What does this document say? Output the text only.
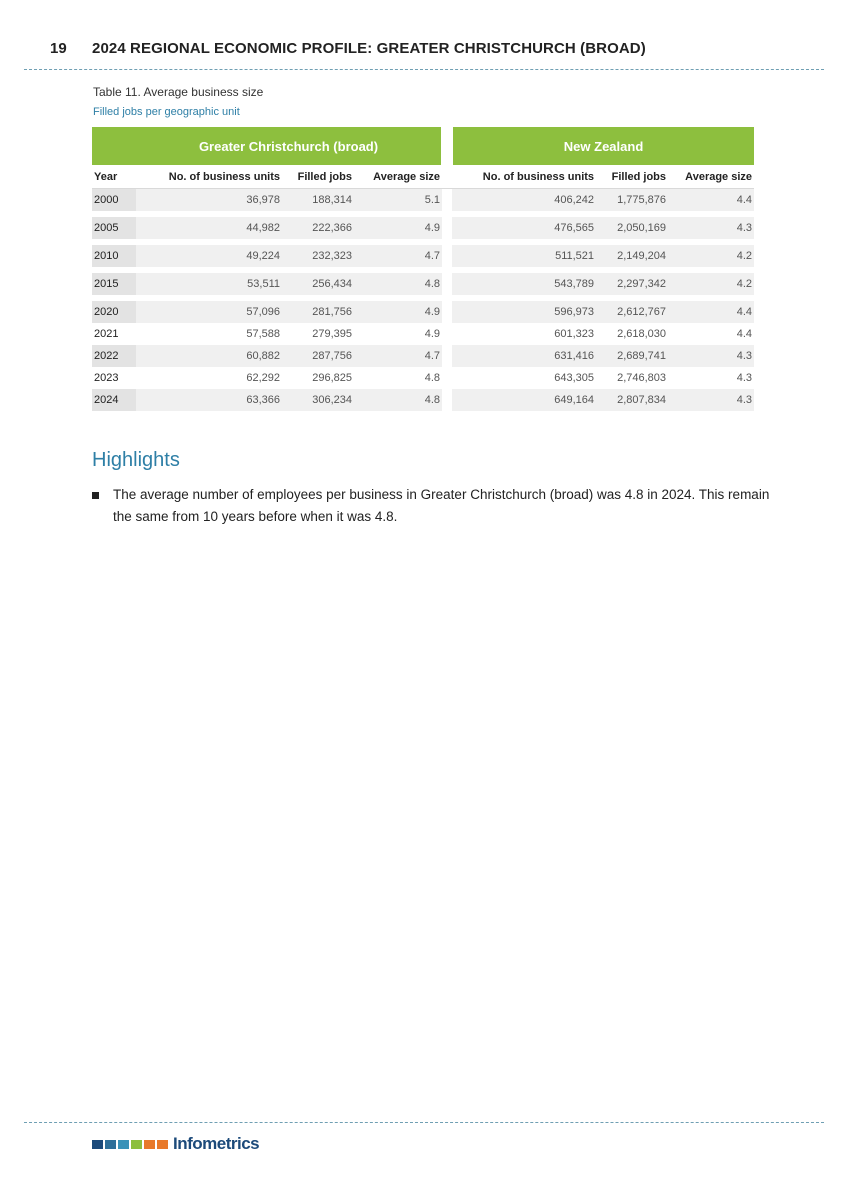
19 2024 REGIONAL ECONOMIC PROFILE: GREATER CHRISTCHURCH (BROAD)
Table 11. Average business size
Filled jobs per geographic unit
	Greater Christchurch (broad)				New Zealand		
Year	No. of business units	Filled jobs	Average size		No. of business units	Filled jobs	Average size
2000	36,978	188,314	5.1		406,242	1,775,876	4.4

2005	44,982	222,366	4.9		476,565	2,050,169	4.3

2010	49,224	232,323	4.7		511,521	2,149,204	4.2

2015	53,511	256,434	4.8		543,789	2,297,342	4.2

2020	57,096	281,756	4.9		596,973	2,612,767	4.4
2021	57,588	279,395	4.9		601,323	2,618,030	4.4
2022	60,882	287,756	4.7		631,416	2,689,741	4.3
2023	62,292	296,825	4.8		643,305	2,746,803	4.3
2024	63,366	306,234	4.8		649,164	2,807,834	4.3
Highlights
The average number of employees per business in Greater Christchurch (broad) was 4.8 in 2024. This remain the same from 10 years before when it was 4.8.
Infometrics
